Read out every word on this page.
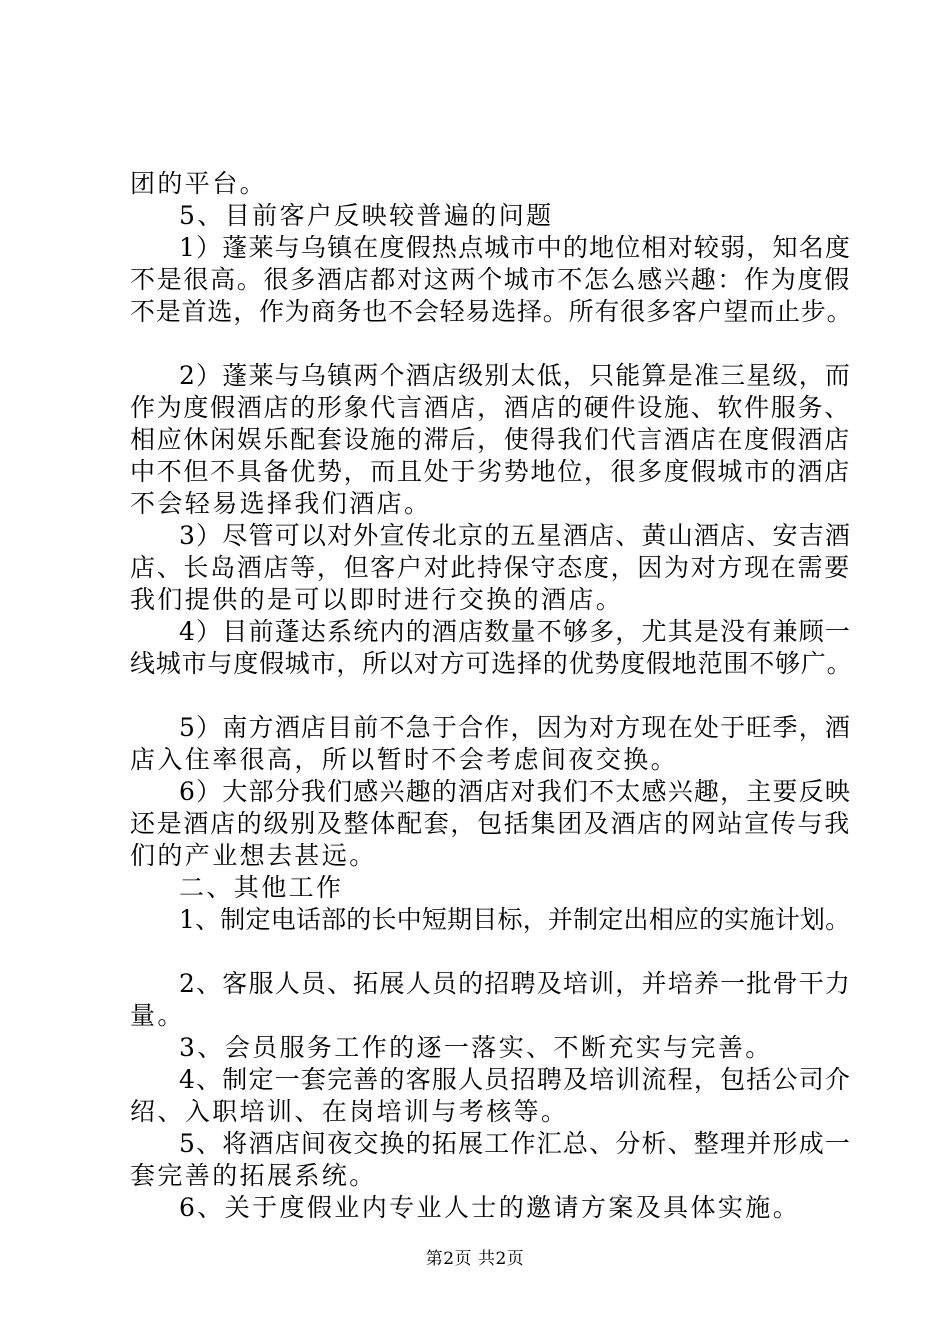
团的平台。
5、目前客户反映较普遍的问题
1）蓬莱与乌镇在度假热点城市中的地位相对较弱，知名度
不是很高。很多酒店都对这两个城市不怎么感兴趣：作为度假
不是首选，作为商务也不会轻易选择。所有很多客户望而止步。
2）蓬莱与乌镇两个酒店级别太低，只能算是准三星级，而
作为度假酒店的形象代言酒店，酒店的硬件设施、软件服务、
相应休闲娱乐配套设施的滞后，使得我们代言酒店在度假酒店
中不但不具备优势，而且处于劣势地位，很多度假城市的酒店
不会轻易选择我们酒店。
3）尽管可以对外宣传北京的五星酒店、黄山酒店、安吉酒
店、长岛酒店等，但客户对此持保守态度，因为对方现在需要
我们提供的是可以即时进行交换的酒店。
4）目前蓬达系统内的酒店数量不够多，尤其是没有兼顾一
线城市与度假城市，所以对方可选择的优势度假地范围不够广。
5）南方酒店目前不急于合作，因为对方现在处于旺季，酒
店入住率很高，所以暂时不会考虑间夜交换。
6）大部分我们感兴趣的酒店对我们不太感兴趣，主要反映
还是酒店的级别及整体配套，包括集团及酒店的网站宣传与我
们的产业想去甚远。
二、其他工作
1、制定电话部的长中短期目标，并制定出相应的实施计划。
2、客服人员、拓展人员的招聘及培训，并培养一批骨干力
量。
3、会员服务工作的逐一落实、不断充实与完善。
4、制定一套完善的客服人员招聘及培训流程，包括公司介
绍、入职培训、在岗培训与考核等。
5、将酒店间夜交换的拓展工作汇总、分析、整理并形成一
套完善的拓展系统。
6、关于度假业内专业人士的邀请方案及具体实施。
第2页 共2页
